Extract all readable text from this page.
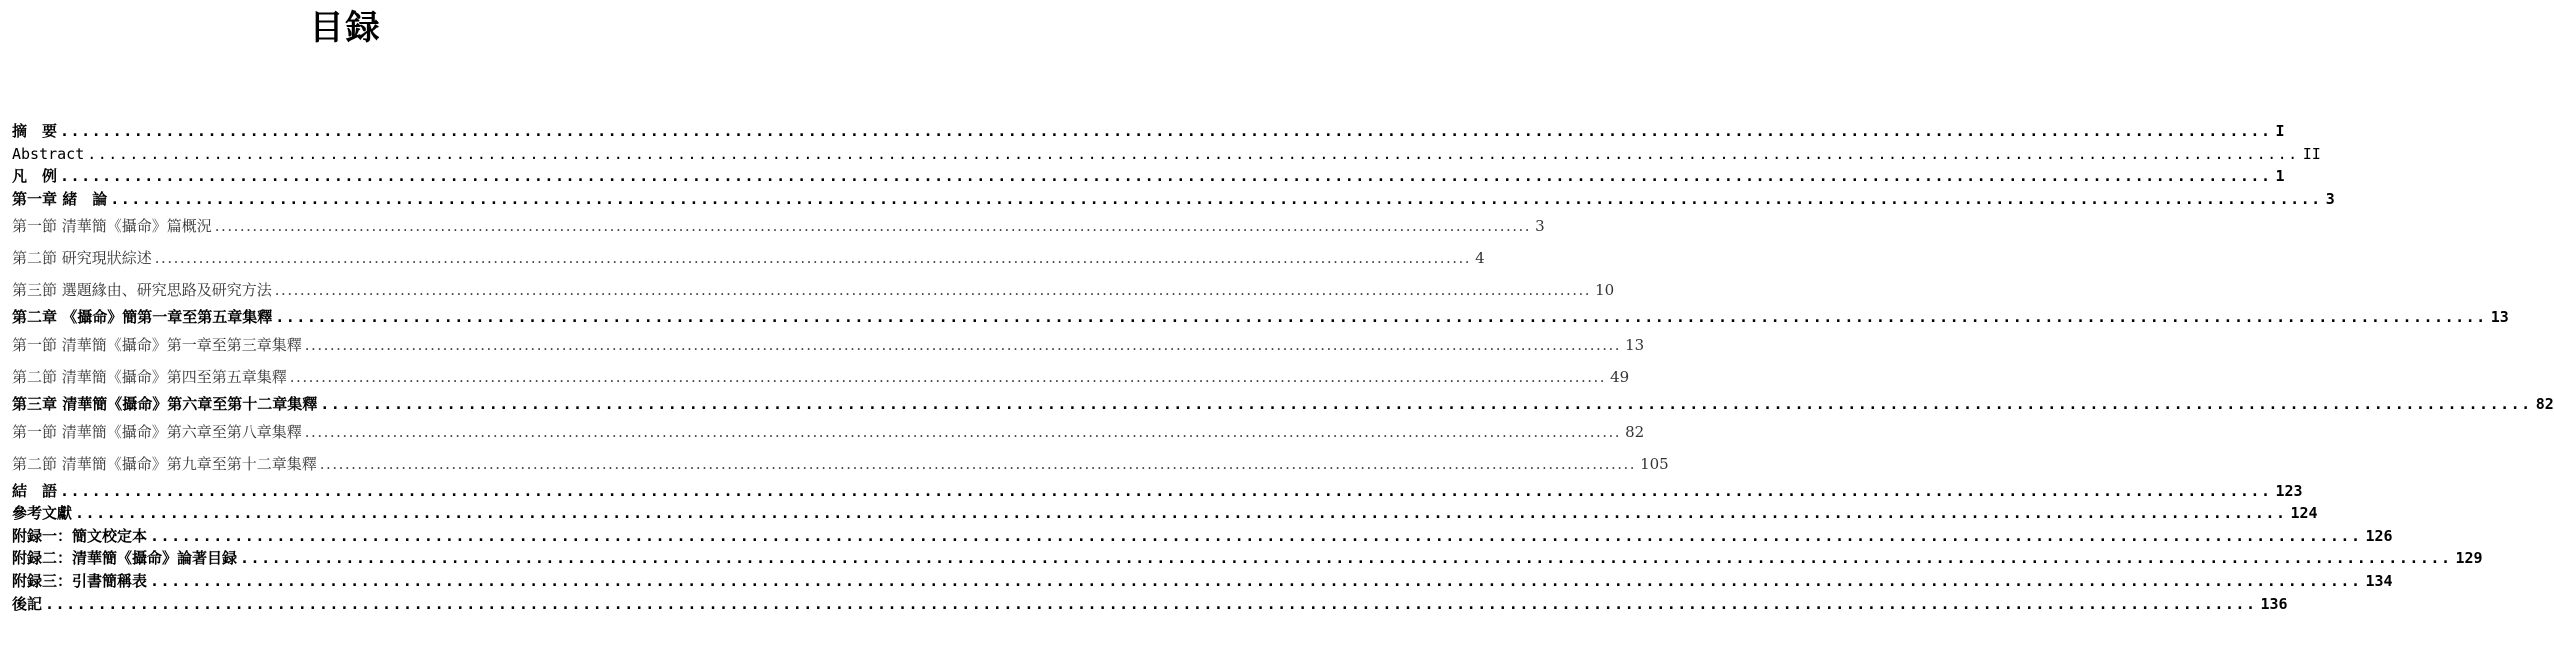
目録
摘　要 .................................................................................................................................................................................................................. I
Abstract .................................................................................................................................................................................................................. II
凡　例 .................................................................................................................................................................................................................. 1
第一章 緒　論 .................................................................................................................................................................................................................. 3
第一節 清華簡《攝命》篇概況 .................................................................................................................................................................................................................. 3
第二節 研究現狀綜述 .................................................................................................................................................................................................................. 4
第三節 選題緣由、研究思路及研究方法 .................................................................................................................................................................................................................. 10
第二章 《攝命》簡第一章至第五章集釋 .................................................................................................................................................................................................................. 13
第一節 清華簡《攝命》第一章至第三章集釋 .................................................................................................................................................................................................................. 13
第二節 清華簡《攝命》第四至第五章集釋 .................................................................................................................................................................................................................. 49
第三章 清華簡《攝命》第六章至第十二章集釋 .................................................................................................................................................................................................................. 82
第一節 清華簡《攝命》第六章至第八章集釋 .................................................................................................................................................................................................................. 82
第二節 清華簡《攝命》第九章至第十二章集釋 .................................................................................................................................................................................................................. 105
結　語 .................................................................................................................................................................................................................. 123
參考文獻 .................................................................................................................................................................................................................. 124
附録一：簡文校定本 .................................................................................................................................................................................................................. 126
附録二：清華簡《攝命》論著目録 .................................................................................................................................................................................................................. 129
附録三：引書簡稱表 .................................................................................................................................................................................................................. 134
後記 .................................................................................................................................................................................................................. 136
